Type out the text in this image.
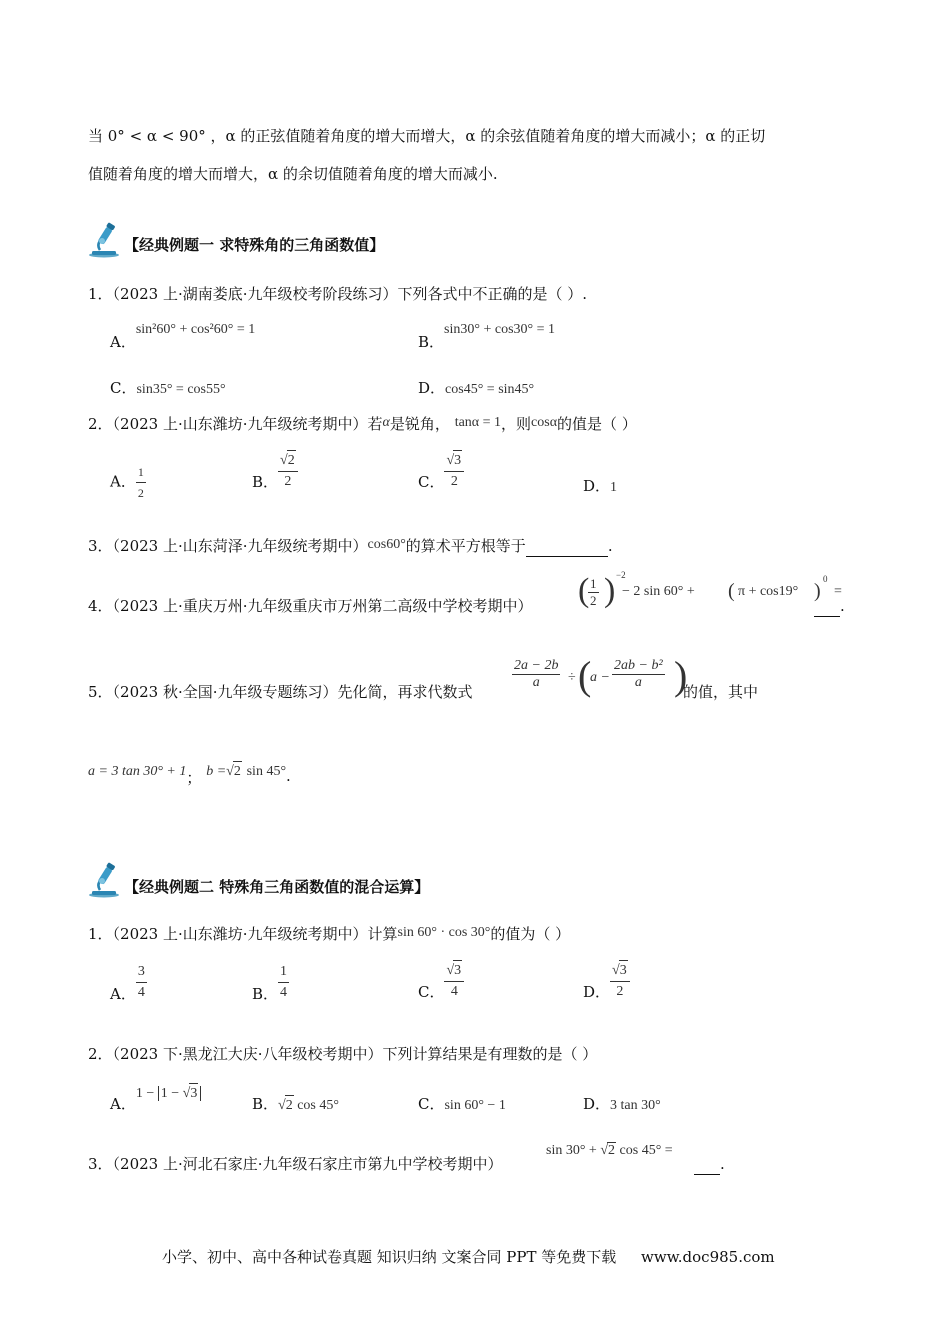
当 0° < α < 90° ，α 的正弦值随着角度的增大而增大，α 的余弦值随着角度的增大而减小；α 的正切
值随着角度的增大而增大，α 的余切值随着角度的增大而减小.
【经典例题一 求特殊角的三角函数值】
1．（2023 上·湖南娄底·九年级校考阶段练习）下列各式中不正确的是（ ）.
A．sin²60° + cos²60° = 1
B．sin30° + cos30° = 1
C．sin35° = cos55°	D．cos45° = sin45°
2．（2023 上·山东潍坊·九年级统考期中）若α是锐角， tanα = 1，则cosα的值是（ ）
A． $\frac{1}{2}$	B． $\frac{√2}{2}$	C． $\frac{√3}{2}$	D．1
3．（2023 上·山东菏泽·九年级统考期中）cos60°的算术平方根等于	.
4．（2023 上·重庆万州·九年级重庆市万州第二高级中学校考期中） (
$\frac{1}{2}$ ) −2
− 2 sin 60° + ( π + cos19° )
0
=
.
5．（2023 秋·全国·九年级专题练习）先化简，再求代数式
$\frac{2a - 2b}{a}$ ÷ (
$a - \frac{\text{2ab − b²}}{a}$ )
的值，其中
a = 3 tan 30° + 1； b =√2 sin 45°.
【经典例题二 特殊角三角函数值的混合运算】
1．（2023 上·山东潍坊·九年级统考期中）计算sin 60° · cos 30°的值为（ ）
A． $\frac{3}{4}$	B． $\frac{1}{4}$	C． $\frac{√3}{4}$	D． $\frac{√3}{2}$
2．（2023 下·黑龙江大庆·八年级校考期中）下列计算结果是有理数的是（ ）
A．1 − 1 − √3
B．√2 cos 45°	C．sin 60° − 1	D．3 tan 30°
3．（2023 上·河北石家庄·九年级石家庄市第九中学校考期中）
sin 30° + √2 cos 45° =
.
小学、初中、高中各种试卷真题 知识归纳 文案合同 PPT 等免费下载 www.doc985.com
